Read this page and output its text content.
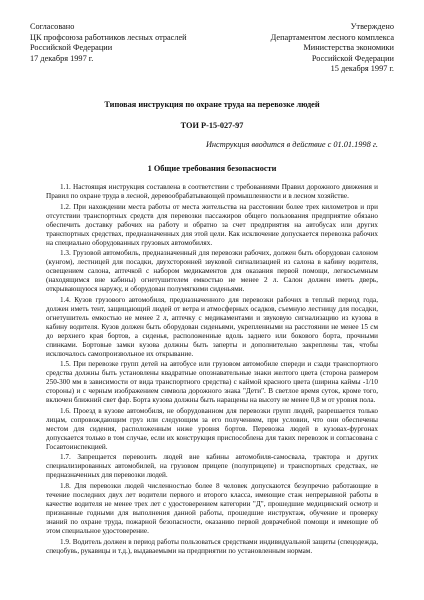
Согласовано
ЦК профсоюза работников лесных отраслей
Российской Федерации
17 декабря 1997 г.
Утверждено
Департаментом лесного комплекса
Министерства экономики
Российской Федерации
15 декабря 1997 г.
Типовая инструкция по охране труда на перевозке людей
ТОИ Р-15-027-97
Инструкция вводится в действие с 01.01.1998 г.
1 Общие требования безопасности

1.1. Настоящая инструкция составлена в соответствии с требованиями Правил дорожного движения и Правил по охране труда в лесной, деревообрабатывающей промышленности и в лесном хозяйстве.

1.2. При нахождении места работы от места жительства на расстоянии более трех километров и при отсутствии транспортных средств для перевозки пассажиров общего пользования предприятие обязано обеспечить доставку рабочих на работу и обратно за счет предприятия на автобусах или других транспортных средствах, предназначенных для этой цели. Как исключение допускается перевозка рабочих на специально оборудованных грузовых автомобилях.

1.3. Грузовой автомобиль, предназначенный для перевозки рабочих, должен быть оборудован салоном (кунгом), лестницей для посадки, двухсторонней звуковой сигнализацией из салона в кабину водителя, освещением салона, аптечкой с набором медикаментов для оказания первой помощи, легкосъемным (находящимся вне кабины) огнетушителем емкостью не менее 2 л. Салон должен иметь дверь, открывающуюся наружу, и оборудован полумягкими сиденьями.

1.4. Кузов грузового автомобиля, предназначенного для перевозки рабочих в теплый период года, должен иметь тент, защищающий людей от ветра и атмосферных осадков, съемную лестницу для посадки, огнетушитель емкостью не менее 2 л, аптечку с медикаментами и звуковую сигнализацию из кузова в кабину водителя. Кузов должен быть оборудован сиденьями, укрепленными на расстоянии не менее 15 см до верхнего края бортов, а сиденья, расположенные вдоль заднего или бокового борта, прочными спинками. Бортовые замки кузова должны быть заперты и дополнительно закреплены так, чтобы исключалось самопроизвольное их открывание.

1.5. При перевозке групп детей на автобусе или грузовом автомобиле спереди и сзади транспортного средства должны быть установлены квадратные опознавательные знаки желтого цвета (сторона размером 250-300 мм в зависимости от вида транспортного средства) с каймой красного цвета (ширина каймы -1/10 стороны) и с черным изображением символа дорожного знака "Дети". В светлое время суток, кроме того, включен ближний свет фар. Борта кузова должны быть наращены на высоту не менее 0,8 м от уровня пола.

1.6. Проезд в кузове автомобиля, не оборудованном для перевозки групп людей, разрешается только лицам, сопровождающим груз или следующим за его получением, при условии, что они обеспечены местом для сидения, расположенным ниже уровня бортов. Перевозка людей в кузовах-фургонах допускается только в том случае, если их конструкция приспособлена для таких перевозок и согласована с Госавтоинспекцией.

1.7. Запрещается перевозить людей вне кабины автомобиля-самосвала, трактора и других специализированных автомобилей, на грузовом прицепе (полуприцепе) и транспортных средствах, не предназначенных для перевозки людей.

1.8. Для перевозки людей численностью более 8 человек допускаются безупречно работающие в течение последних двух лет водители первого и второго класса, имеющие стаж непрерывной работы в качестве водителя не менее трех лет с удостоверением категории "Д", прошедшие медицинский осмотр и признанные годными для выполнения данной работы, прошедшие инструктаж, обучение и проверку знаний по охране труда, пожарной безопасности, оказанию первой доврачебной помощи и имеющие об этом специальное удостоверение.

1.9. Водитель должен в период работы пользоваться средствами индивидуальной защиты (спецодежда, спецобувь, рукавицы и т.д.), выдаваемыми на предприятии по установленным нормам.
